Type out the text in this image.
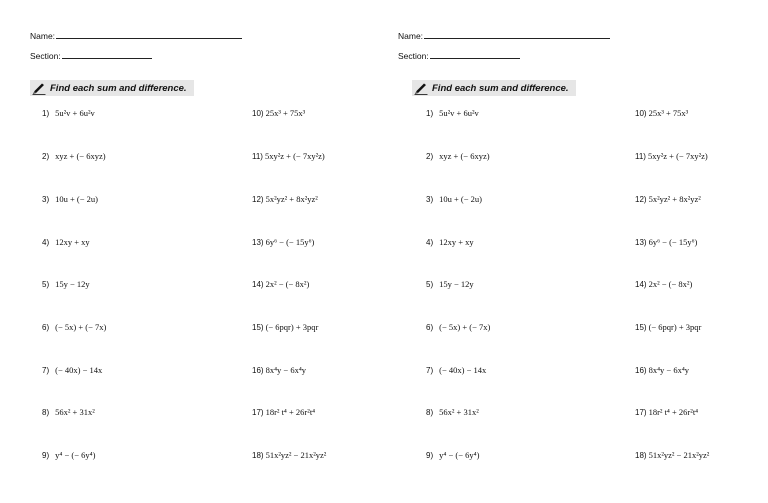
Name:
Section:
Find each sum and difference.
1) 5u²v + 6u²v
2) xyz + (− 6xyz)
3) 10u + (− 2u)
4) 12xy + xy
5) 15y − 12y
6) (− 5x) + (− 7x)
7) (− 40x) − 14x
8) 56x² + 31x²
9) y⁴ − (− 6y⁴)
10) 25x³ + 75x³
11) 5xy²z + (− 7xy²z)
12) 5x²yz² + 8x²yz²
13) 6y⁶ − (− 15y⁶)
14) 2x² − (− 8x²)
15) (− 6pqr) + 3pqr
16) 8x⁴y − 6x⁴y
17) 18r² t⁴ + 26r²t⁴
18) 51x²yz² − 21x²yz²
Name:
Section:
Find each sum and difference.
1) 5u²v + 6u²v
2) xyz + (− 6xyz)
3) 10u + (− 2u)
4) 12xy + xy
5) 15y − 12y
6) (− 5x) + (− 7x)
7) (− 40x) − 14x
8) 56x² + 31x²
9) y⁴ − (− 6y⁴)
10) 25x³ + 75x³
11) 5xy²z + (− 7xy²z)
12) 5x²yz² + 8x²yz²
13) 6y⁶ − (− 15y⁶)
14) 2x² − (− 8x²)
15) (− 6pqr) + 3pqr
16) 8x⁴y − 6x⁴y
17) 18r² t⁴ + 26r²t⁴
18) 51x²yz² − 21x²yz²
